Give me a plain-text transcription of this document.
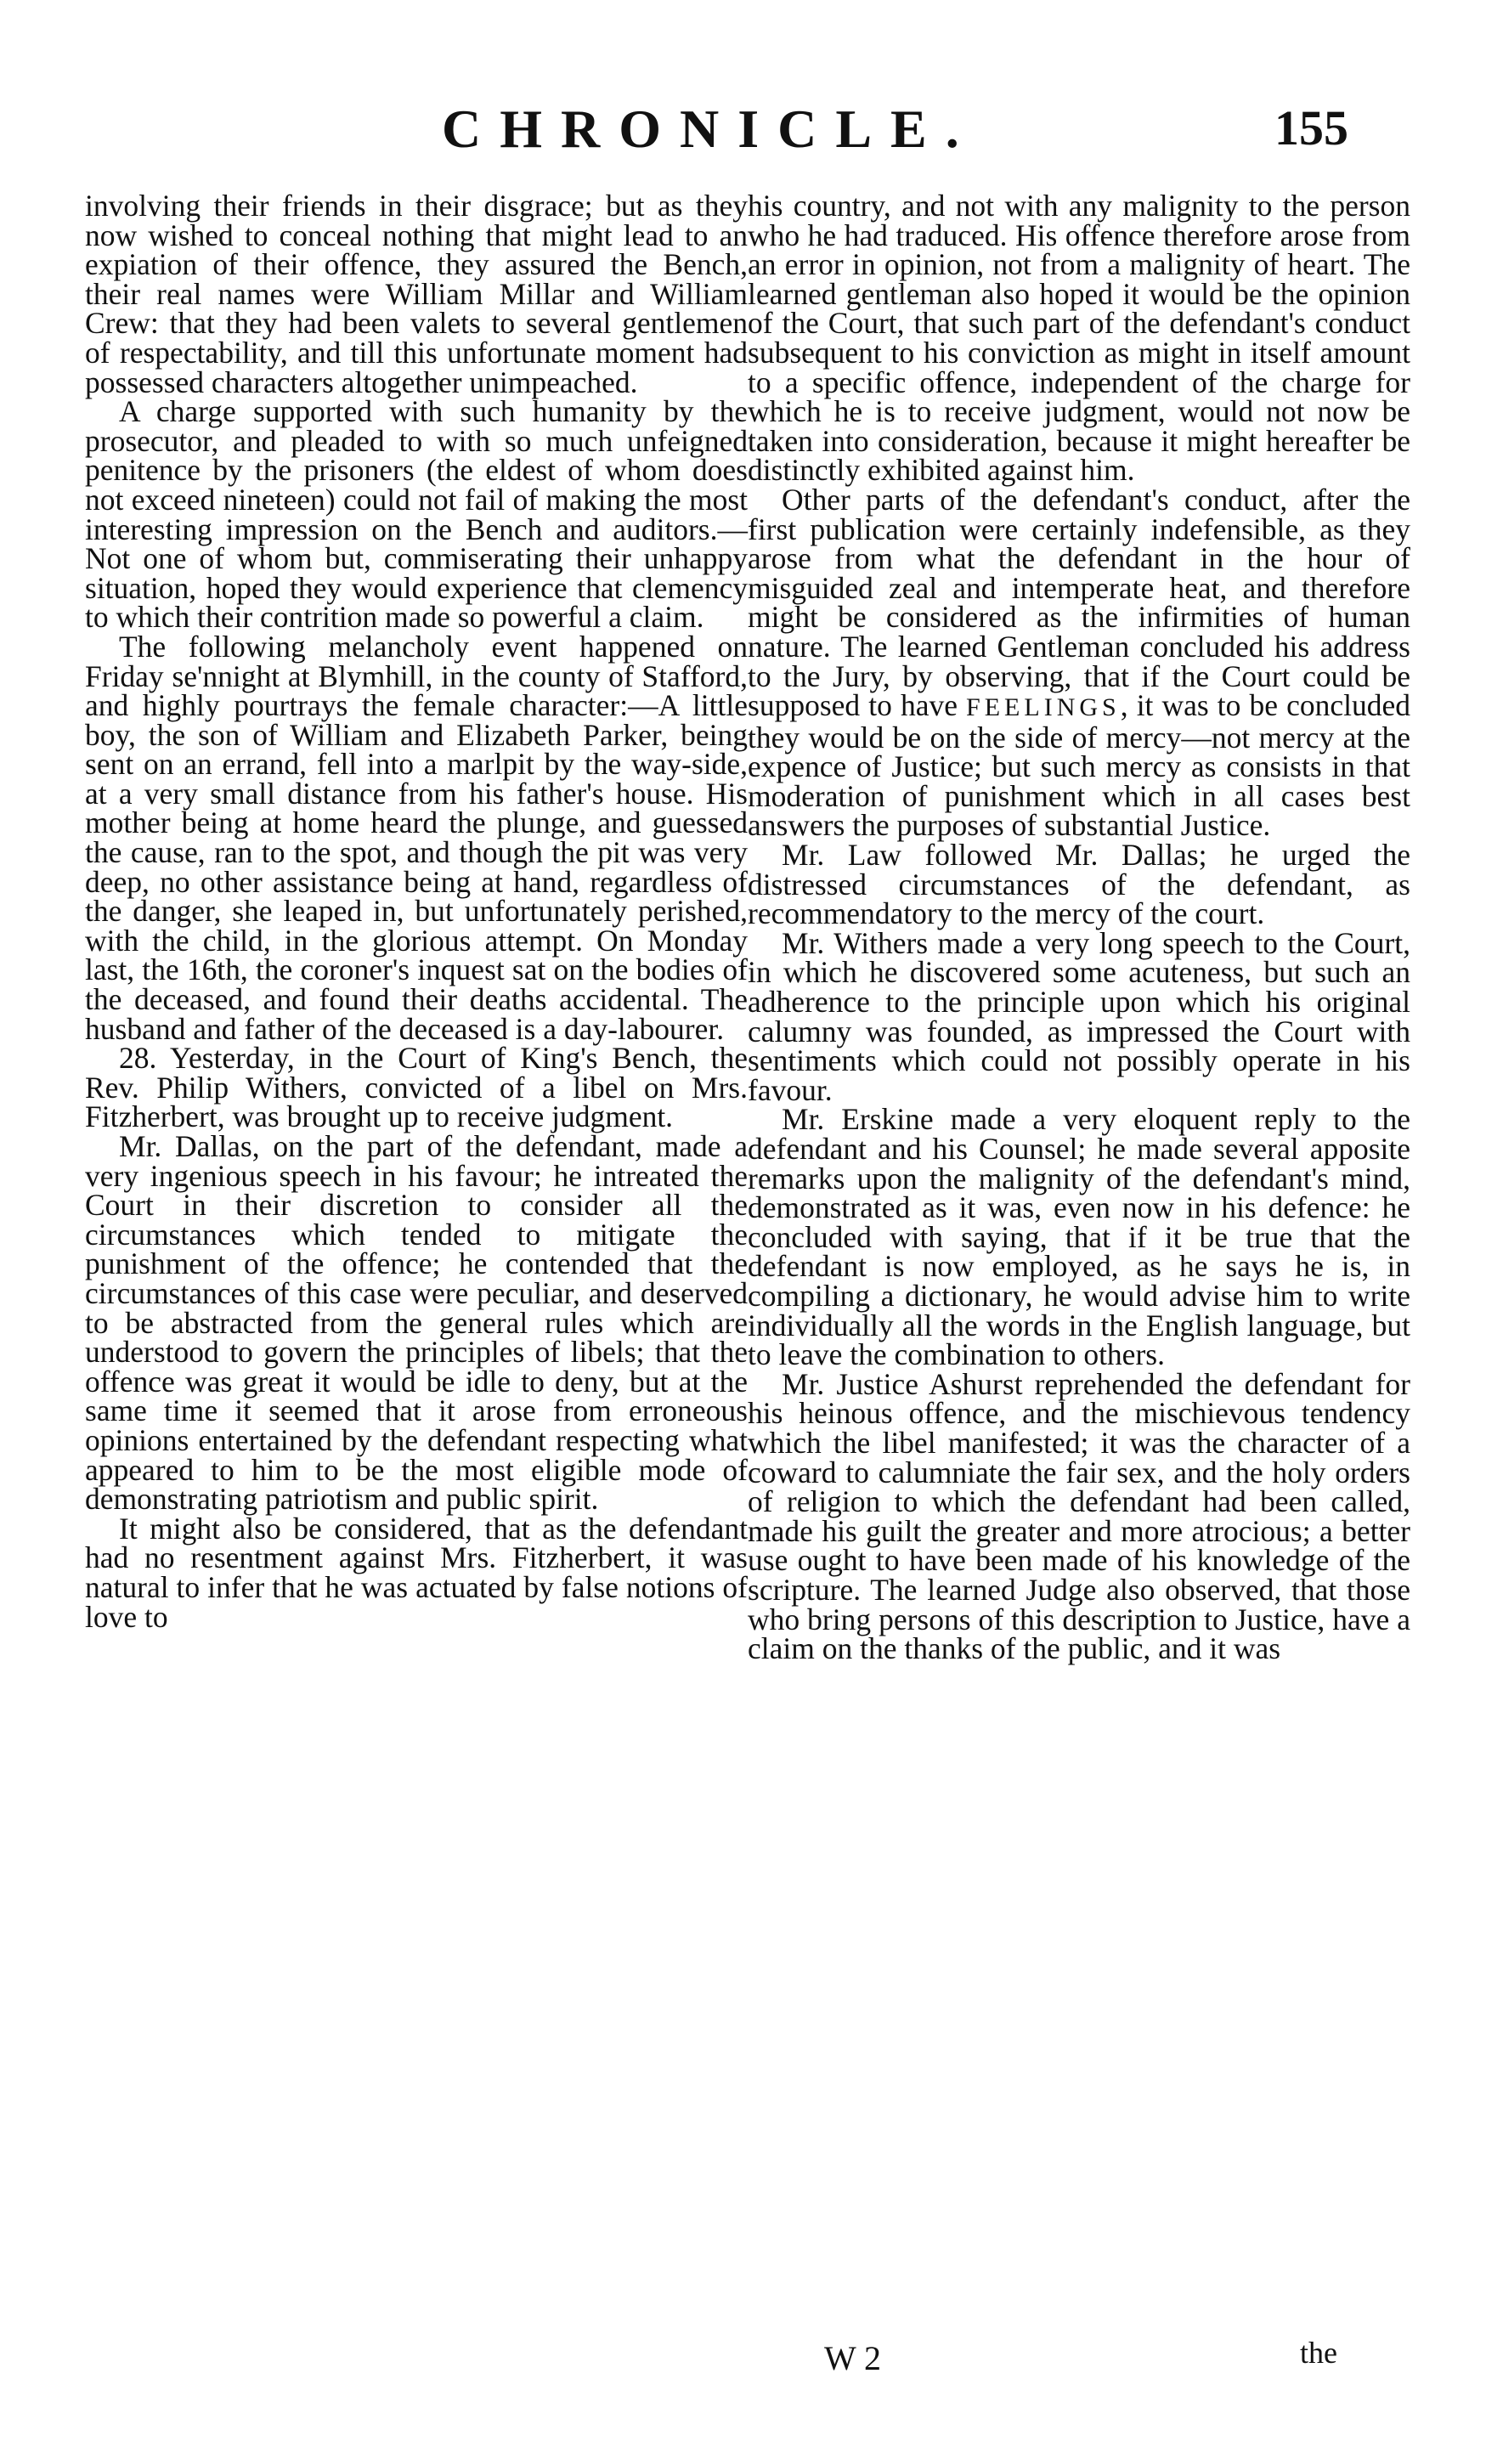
CHRONICLE.	155

involving their friends in their disgrace; but as they now wished to conceal nothing that might lead to an expiation of their offence, they assured the Bench, their real names were William Millar and William Crew: that they had been valets to several gentlemen of respectability, and till this unfortunate moment had possessed characters altogether unimpeached.

A charge supported with such humanity by the prosecutor, and pleaded to with so much unfeigned penitence by the prisoners (the eldest of whom does not exceed nineteen) could not fail of making the most interesting impression on the Bench and auditors.—Not one of whom but, commiserating their unhappy situation, hoped they would experience that clemency to which their contrition made so powerful a claim.

The following melancholy event happened on Friday se'nnight at Blymhill, in the county of Stafford, and highly pourtrays the female character:—A little boy, the son of William and Elizabeth Parker, being sent on an errand, fell into a marlpit by the way-side, at a very small distance from his father's house. His mother being at home heard the plunge, and guessed the cause, ran to the spot, and though the pit was very deep, no other assistance being at hand, regardless of the danger, she leaped in, but unfortunately perished, with the child, in the glorious attempt. On Monday last, the 16th, the coroner's inquest sat on the bodies of the deceased, and found their deaths accidental. The husband and father of the deceased is a day-labourer.

28. Yesterday, in the Court of King's Bench, the Rev. Philip Withers, convicted of a libel on Mrs. Fitzherbert, was brought up to receive judgment.

Mr. Dallas, on the part of the defendant, made a very ingenious speech in his favour; he intreated the Court in their discretion to consider all the circumstances which tended to mitigate the punishment of the offence; he contended that the circumstances of this case were peculiar, and deserved to be abstracted from the general rules which are understood to govern the principles of libels; that the offence was great it would be idle to deny, but at the same time it seemed that it arose from erroneous opinions entertained by the defendant respecting what appeared to him to be the most eligible mode of demonstrating patriotism and public spirit.

It might also be considered, that as the defendant had no resentment against Mrs. Fitzherbert, it was natural to infer that he was actuated by false notions of love to

his country, and not with any malignity to the person who he had traduced. His offence therefore arose from an error in opinion, not from a malignity of heart. The learned gentleman also hoped it would be the opinion of the Court, that such part of the defendant's conduct subsequent to his conviction as might in itself amount to a specific offence, independent of the charge for which he is to receive judgment, would not now be taken into consideration, because it might hereafter be distinctly exhibited against him.

Other parts of the defendant's conduct, after the first publication were certainly indefensible, as they arose from what the defendant in the hour of misguided zeal and intemperate heat, and therefore might be considered as the infirmities of human nature. The learned Gentleman concluded his address to the Jury, by observing, that if the Court could be supposed to have FEELINGS, it was to be concluded they would be on the side of mercy—not mercy at the expence of Justice; but such mercy as consists in that moderation of punishment which in all cases best answers the purposes of substantial Justice.

Mr. Law followed Mr. Dallas; he urged the distressed circumstances of the defendant, as recommendatory to the mercy of the court.

Mr. Withers made a very long speech to the Court, in which he discovered some acuteness, but such an adherence to the principle upon which his original calumny was founded, as impressed the Court with sentiments which could not possibly operate in his favour.

Mr. Erskine made a very eloquent reply to the defendant and his Counsel; he made several apposite remarks upon the malignity of the defendant's mind, demonstrated as it was, even now in his defence: he concluded with saying, that if it be true that the defendant is now employed, as he says he is, in compiling a dictionary, he would advise him to write individually all the words in the English language, but to leave the combination to others.

Mr. Justice Ashurst reprehended the defendant for his heinous offence, and the mischievous tendency which the libel manifested; it was the character of a coward to calumniate the fair sex, and the holy orders of religion to which the defendant had been called, made his guilt the greater and more atrocious; a better use ought to have been made of his knowledge of the scripture. The learned Judge also observed, that those who bring persons of this description to Justice, have a claim on the thanks of the public, and it was

W 2	the
